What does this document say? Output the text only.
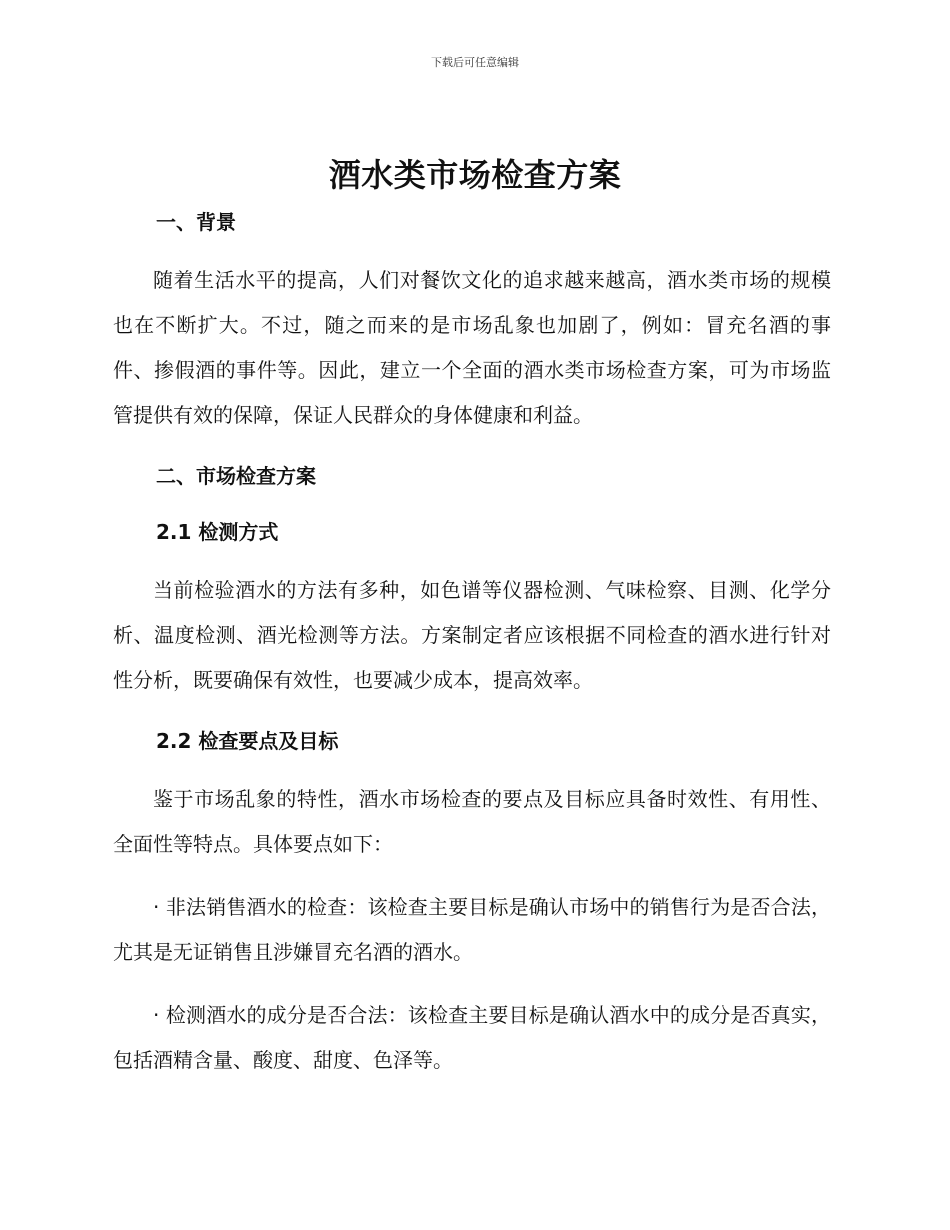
下载后可任意编辑
酒水类市场检查方案
一、背景

随着生活水平的提高，人们对餐饮文化的追求越来越高，酒水类市场的规模也在不断扩大。不过，随之而来的是市场乱象也加剧了，例如：冒充名酒的事件、掺假酒的事件等。因此，建立一个全面的酒水类市场检查方案，可为市场监管提供有效的保障，保证人民群众的身体健康和利益。

二、市场检查方案
2.1 检测方式

当前检验酒水的方法有多种，如色谱等仪器检测、气味检察、目测、化学分析、温度检测、酒光检测等方法。方案制定者应该根据不同检查的酒水进行针对性分析，既要确保有效性，也要减少成本，提高效率。

2.2 检查要点及目标

鉴于市场乱象的特性，酒水市场检查的要点及目标应具备时效性、有用性、全面性等特点。具体要点如下：

· 非法销售酒水的检查：该检查主要目标是确认市场中的销售行为是否合法，尤其是无证销售且涉嫌冒充名酒的酒水。

· 检测酒水的成分是否合法：该检查主要目标是确认酒水中的成分是否真实，包括酒精含量、酸度、甜度、色泽等。
